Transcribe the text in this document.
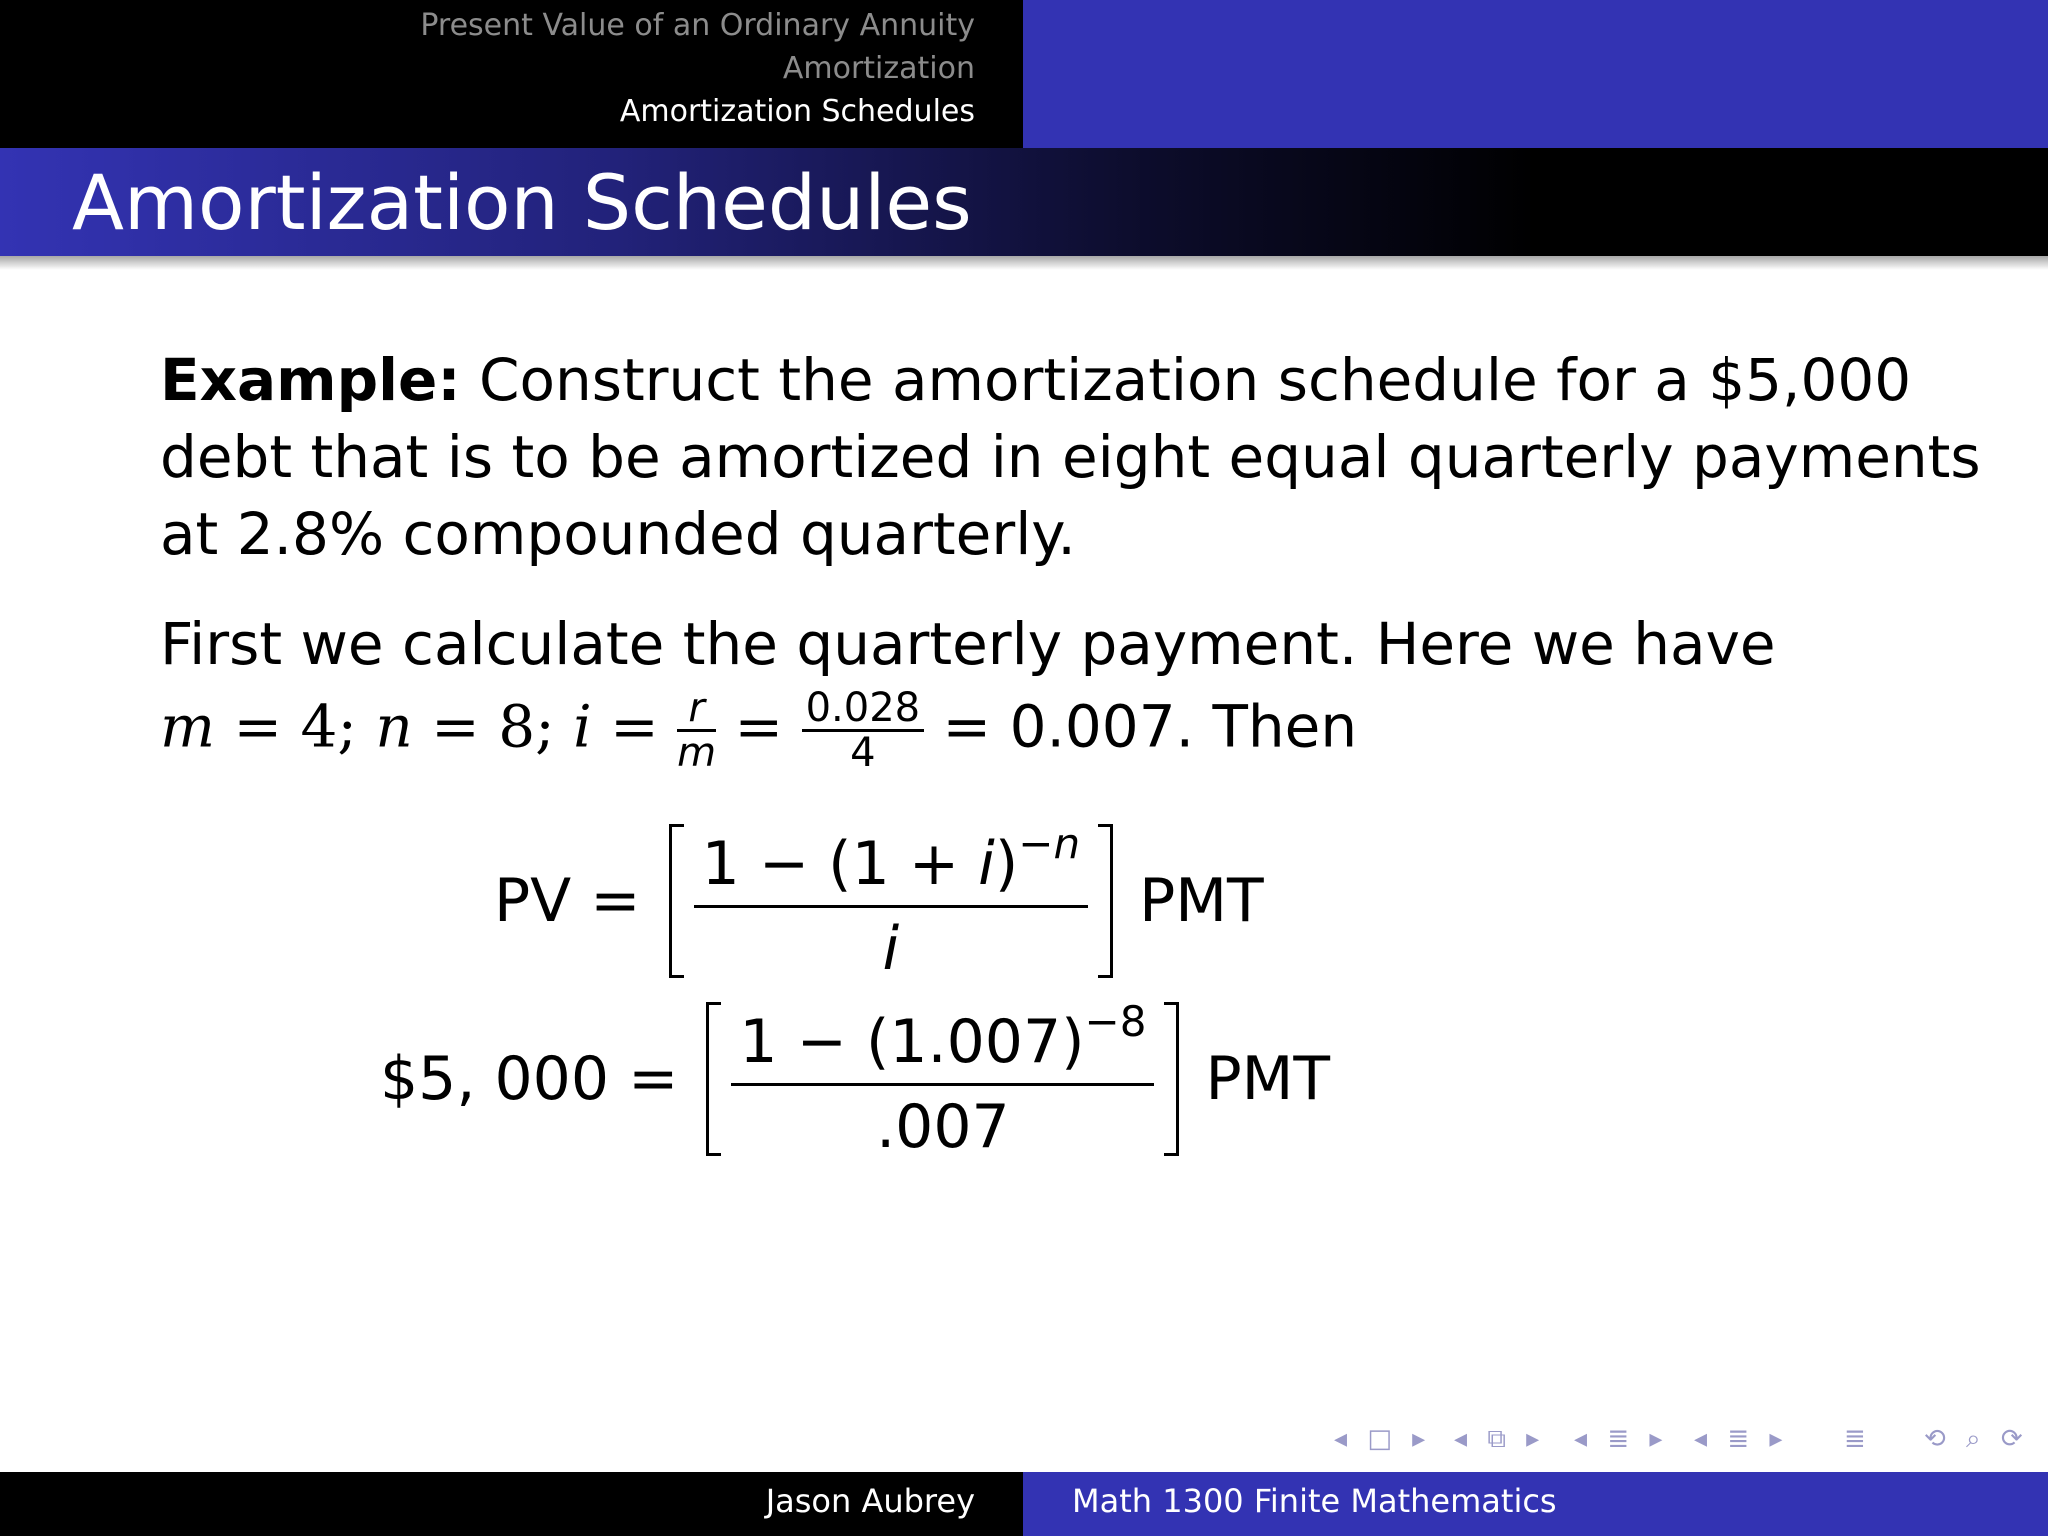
Present Value of an Ordinary Annuity
Amortization
Amortization Schedules
Amortization Schedules
Example: Construct the amortization schedule for a $5,000
debt that is to be amortized in eight equal quarterly payments
at 2.8% compounded quarterly.
First we calculate the quarterly payment. Here we have
m = 4; n = 8; $i = \frac{r}{m} = \frac{0.028}{4} = 0.007$. Then
PV = $\frac{1 - (1 + i)^{-n}}{i}$ PMT
$5, $000 = \frac{1 - (1.007)^{-8}}{.007}$ PMT
◂ □ ▸ ◂ ⧉ ▸ ◂ ≣ ▸ ◂ ≣ ▸ ≣ ⟲ ⌕ ⟳
Jason Aubrey	Math 1300 Finite Mathematics
